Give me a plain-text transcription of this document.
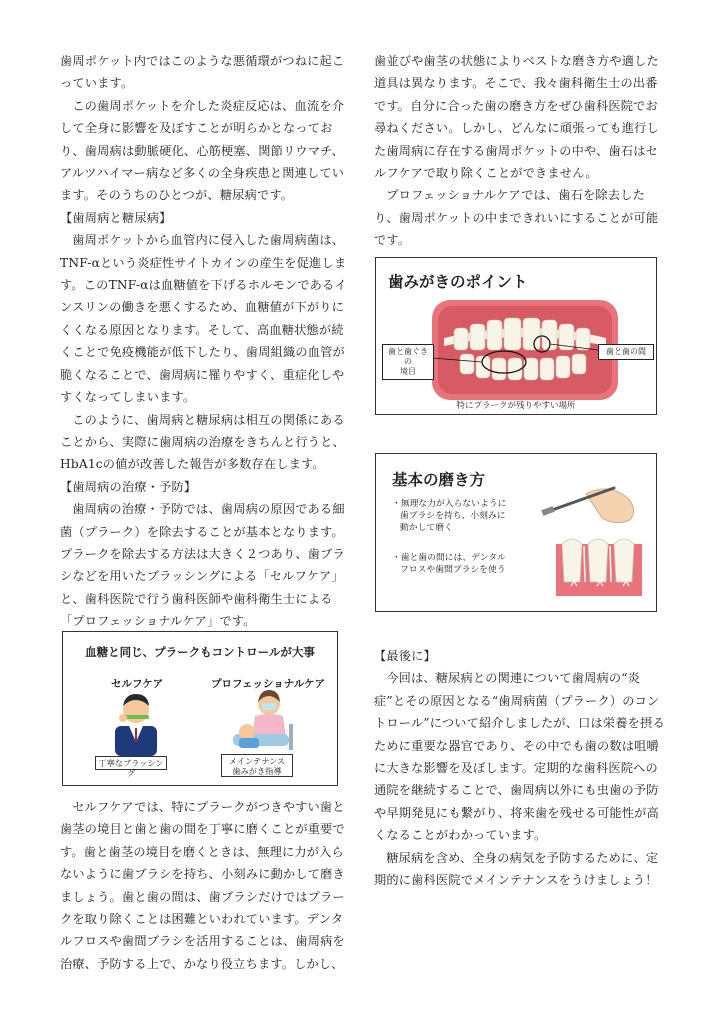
歯周ポケット内ではこのような悪循環がつねに起こっています。

この歯周ポケットを介した炎症反応は、血流を介して全身に影響を及ぼすことが明らかとなっており、歯周病は動脈硬化、心筋梗塞、関節リウマチ、アルツハイマー病など多くの全身疾患と関連しています。そのうちのひとつが、糖尿病です。

【歯周病と糖尿病】

歯周ポケットから血管内に侵入した歯周病菌は、TNF-αという炎症性サイトカインの産生を促進します。このTNF-αは血糖値を下げるホルモンであるインスリンの働きを悪くするため、血糖値が下がりにくくなる原因となります。そして、高血糖状態が続くことで免疫機能が低下したり、歯周組織の血管が脆くなることで、歯周病に罹りやすく、重症化しやすくなってしまいます。

このように、歯周病と糖尿病は相互の関係にあることから、実際に歯周病の治療をきちんと行うと、HbA1cの値が改善した報告が多数存在します。

【歯周病の治療・予防】

歯周病の治療・予防では、歯周病の原因である細菌（プラーク）を除去することが基本となります。プラークを除去する方法は大きく２つあり、歯ブラシなどを用いたブラッシングによる「セルフケア」と、歯科医院で行う歯科医師や歯科衛生士による「プロフェッショナルケア」です。

血糖と同じ、プラークもコントロールが大事
セルフケア	プロフェッショナルケア
丁寧なブラッシング
メインテナンス
歯みがき指導

セルフケアでは、特にプラークがつきやすい歯と歯茎の境目と歯と歯の間を丁寧に磨くことが重要です。歯と歯茎の境目を磨くときは、無理に力が入らないように歯ブラシを持ち、小刻みに動かして磨きましょう。歯と歯の間は、歯ブラシだけではプラークを取り除くことは困難といわれています。デンタルフロスや歯間ブラシを活用することは、歯周病を治療、予防する上で、かなり役立ちます。しかし、

歯並びや歯茎の状態によりベストな磨き方や適した道具は異なります。そこで、我々歯科衛生士の出番です。自分に合った歯の磨き方をぜひ歯科医院でお尋ねください。しかし、どんなに頑張っても進行した歯周病に存在する歯周ポケットの中や、歯石はセルフケアで取り除くことができません。

プロフェッショナルケアでは、歯石を除去したり、歯周ポケットの中まできれいにすることが可能です。

歯みがきのポイント
歯と歯ぐきの
境目
歯と歯の間
特にプラークが残りやすい場所
基本の磨き方
・無理な力が入らないように
歯ブラシを持ち、小刻みに
動かして磨く
・歯と歯の間には、デンタル
フロスや歯間ブラシを使う

【最後に】

今回は、糖尿病との関連について歯周病の“炎症”とその原因となる“歯周病菌（プラーク）のコントロール”について紹介しましたが、口は栄養を摂るために重要な器官であり、その中でも歯の数は咀嚼に大きな影響を及ぼします。定期的な歯科医院への通院を継続することで、歯周病以外にも虫歯の予防や早期発見にも繋がり、将来歯を残せる可能性が高くなることがわかっています。

糖尿病を含め、全身の病気を予防するために、定期的に歯科医院でメインテナンスをうけましょう！
